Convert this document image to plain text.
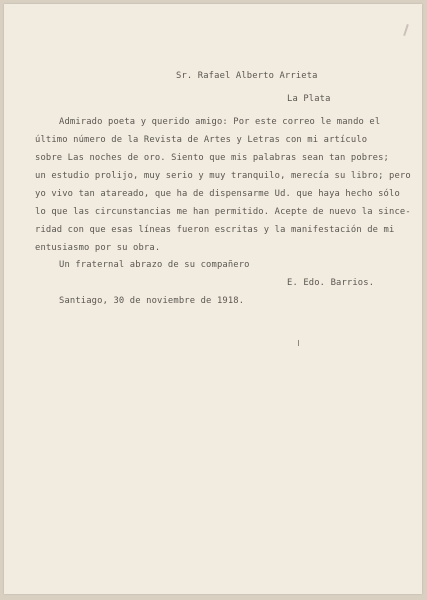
Sr. Rafael Alberto Arrieta
La Plata
Admirado poeta y querido amigo: Por este correo le mando el
último número de la Revista de Artes y Letras con mi artículo
sobre Las noches de oro. Siento que mis palabras sean tan pobres;
un estudio prolijo, muy serio y muy tranquilo, merecía su libro; pero
yo vivo tan atareado, que ha de dispensarme Ud. que haya hecho sólo
lo que las circunstancias me han permitido. Acepte de nuevo la since-
ridad con que esas líneas fueron escritas y la manifestación de mi
entusiasmo por su obra.
Un fraternal abrazo de su compañero
E. Edo. Barrios.
Santiago, 30 de noviembre de 1918.
